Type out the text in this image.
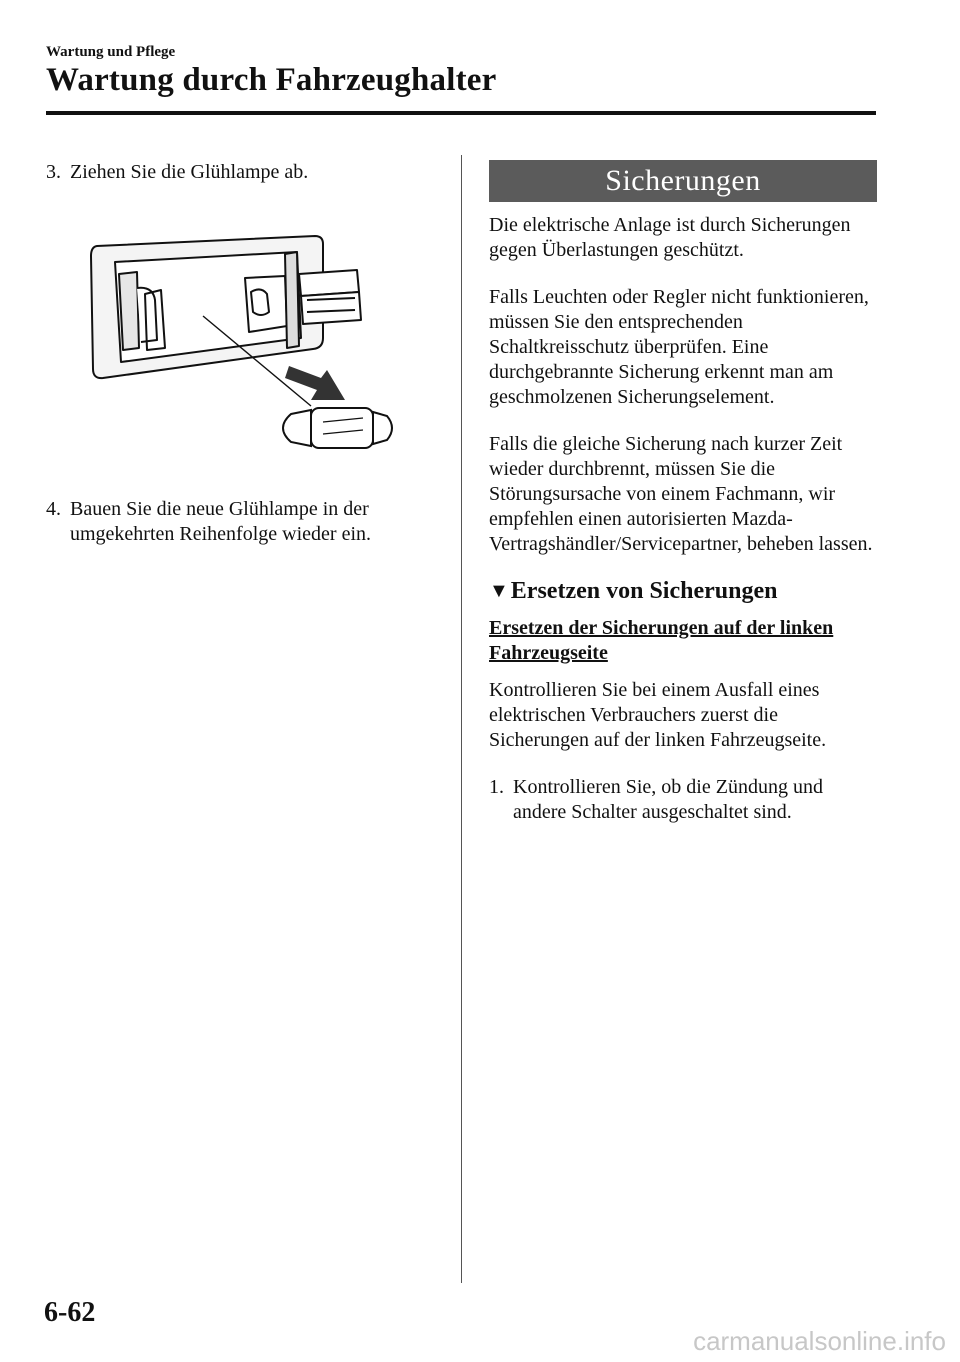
Wartung und Pflege
Wartung durch Fahrzeughalter
3. Ziehen Sie die Glühlampe ab.
4. Bauen Sie die neue Glühlampe in der umgekehrten Reihenfolge wieder ein.
Sicherungen

Die elektrische Anlage ist durch Sicherungen gegen Überlastungen geschützt.

Falls Leuchten oder Regler nicht funktionieren, müssen Sie den entsprechenden Schaltkreisschutz überprüfen. Eine durchgebrannte Sicherung erkennt man am geschmolzenen Sicherungselement.

Falls die gleiche Sicherung nach kurzer Zeit wieder durchbrennt, müssen Sie die Störungsursache von einem Fachmann, wir empfehlen einen autorisierten Mazda-Vertragshändler/Servicepartner, beheben lassen.

▼ Ersetzen von Sicherungen
Ersetzen der Sicherungen auf der linken Fahrzeugseite

Kontrollieren Sie bei einem Ausfall eines elektrischen Verbrauchers zuerst die Sicherungen auf der linken Fahrzeugseite.

1. Kontrollieren Sie, ob die Zündung und andere Schalter ausgeschaltet sind.
6-62
carmanualsonline.info
